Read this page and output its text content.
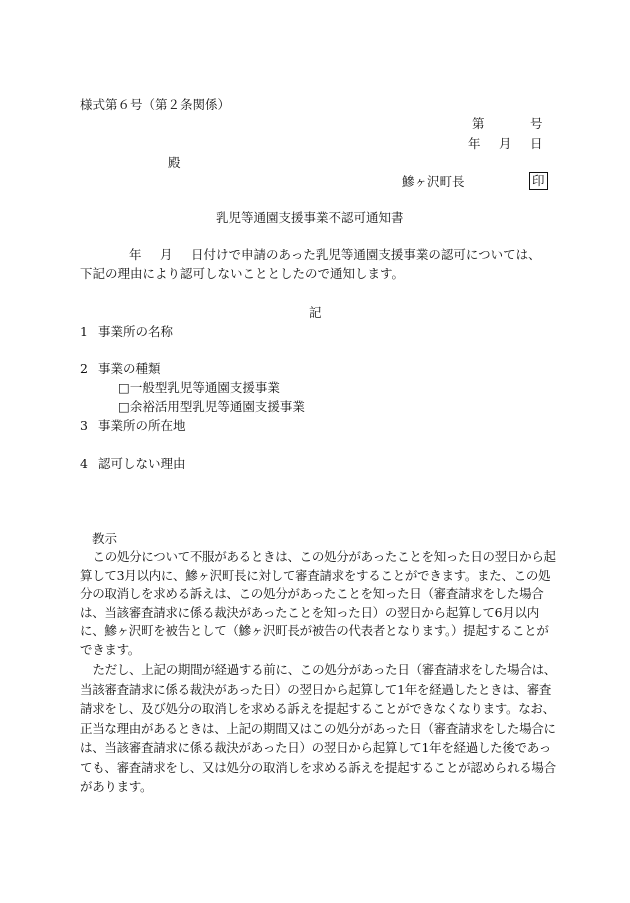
様式第６号（第２条関係）
第	号
年 月 日
殿
鰺ヶ沢町長	印
乳児等通園支援事業不認可通知書
年 月 日付けで申請のあった乳児等通園支援事業の認可については、
下記の理由により認可しないこととしたので通知します。
記
1 事業所の名称
2 事業の種類
□一般型乳児等通園支援事業
□余裕活用型乳児等通園支援事業
3 事業所の所在地
4 認可しない理由
教示

この処分について不服があるときは、この処分があったことを知った日の翌日から起算して3月以内に、鰺ヶ沢町長に対して審査請求をすることができます。また、この処分の取消しを求める訴えは、この処分があったことを知った日（審査請求をした場合は、当該審査請求に係る裁決があったことを知った日）の翌日から起算して6月以内に、鰺ヶ沢町を被告として（鰺ヶ沢町長が被告の代表者となります。）提起することができます。

ただし、上記の期間が経過する前に、この処分があった日（審査請求をした場合は、当該審査請求に係る裁決があった日）の翌日から起算して1年を経過したときは、審査請求をし、及び処分の取消しを求める訴えを提起することができなくなります。なお、正当な理由があるときは、上記の期間又はこの処分があった日（審査請求をした場合には、当該審査請求に係る裁決があった日）の翌日から起算して1年を経過した後であっても、審査請求をし、又は処分の取消しを求める訴えを提起することが認められる場合があります。
